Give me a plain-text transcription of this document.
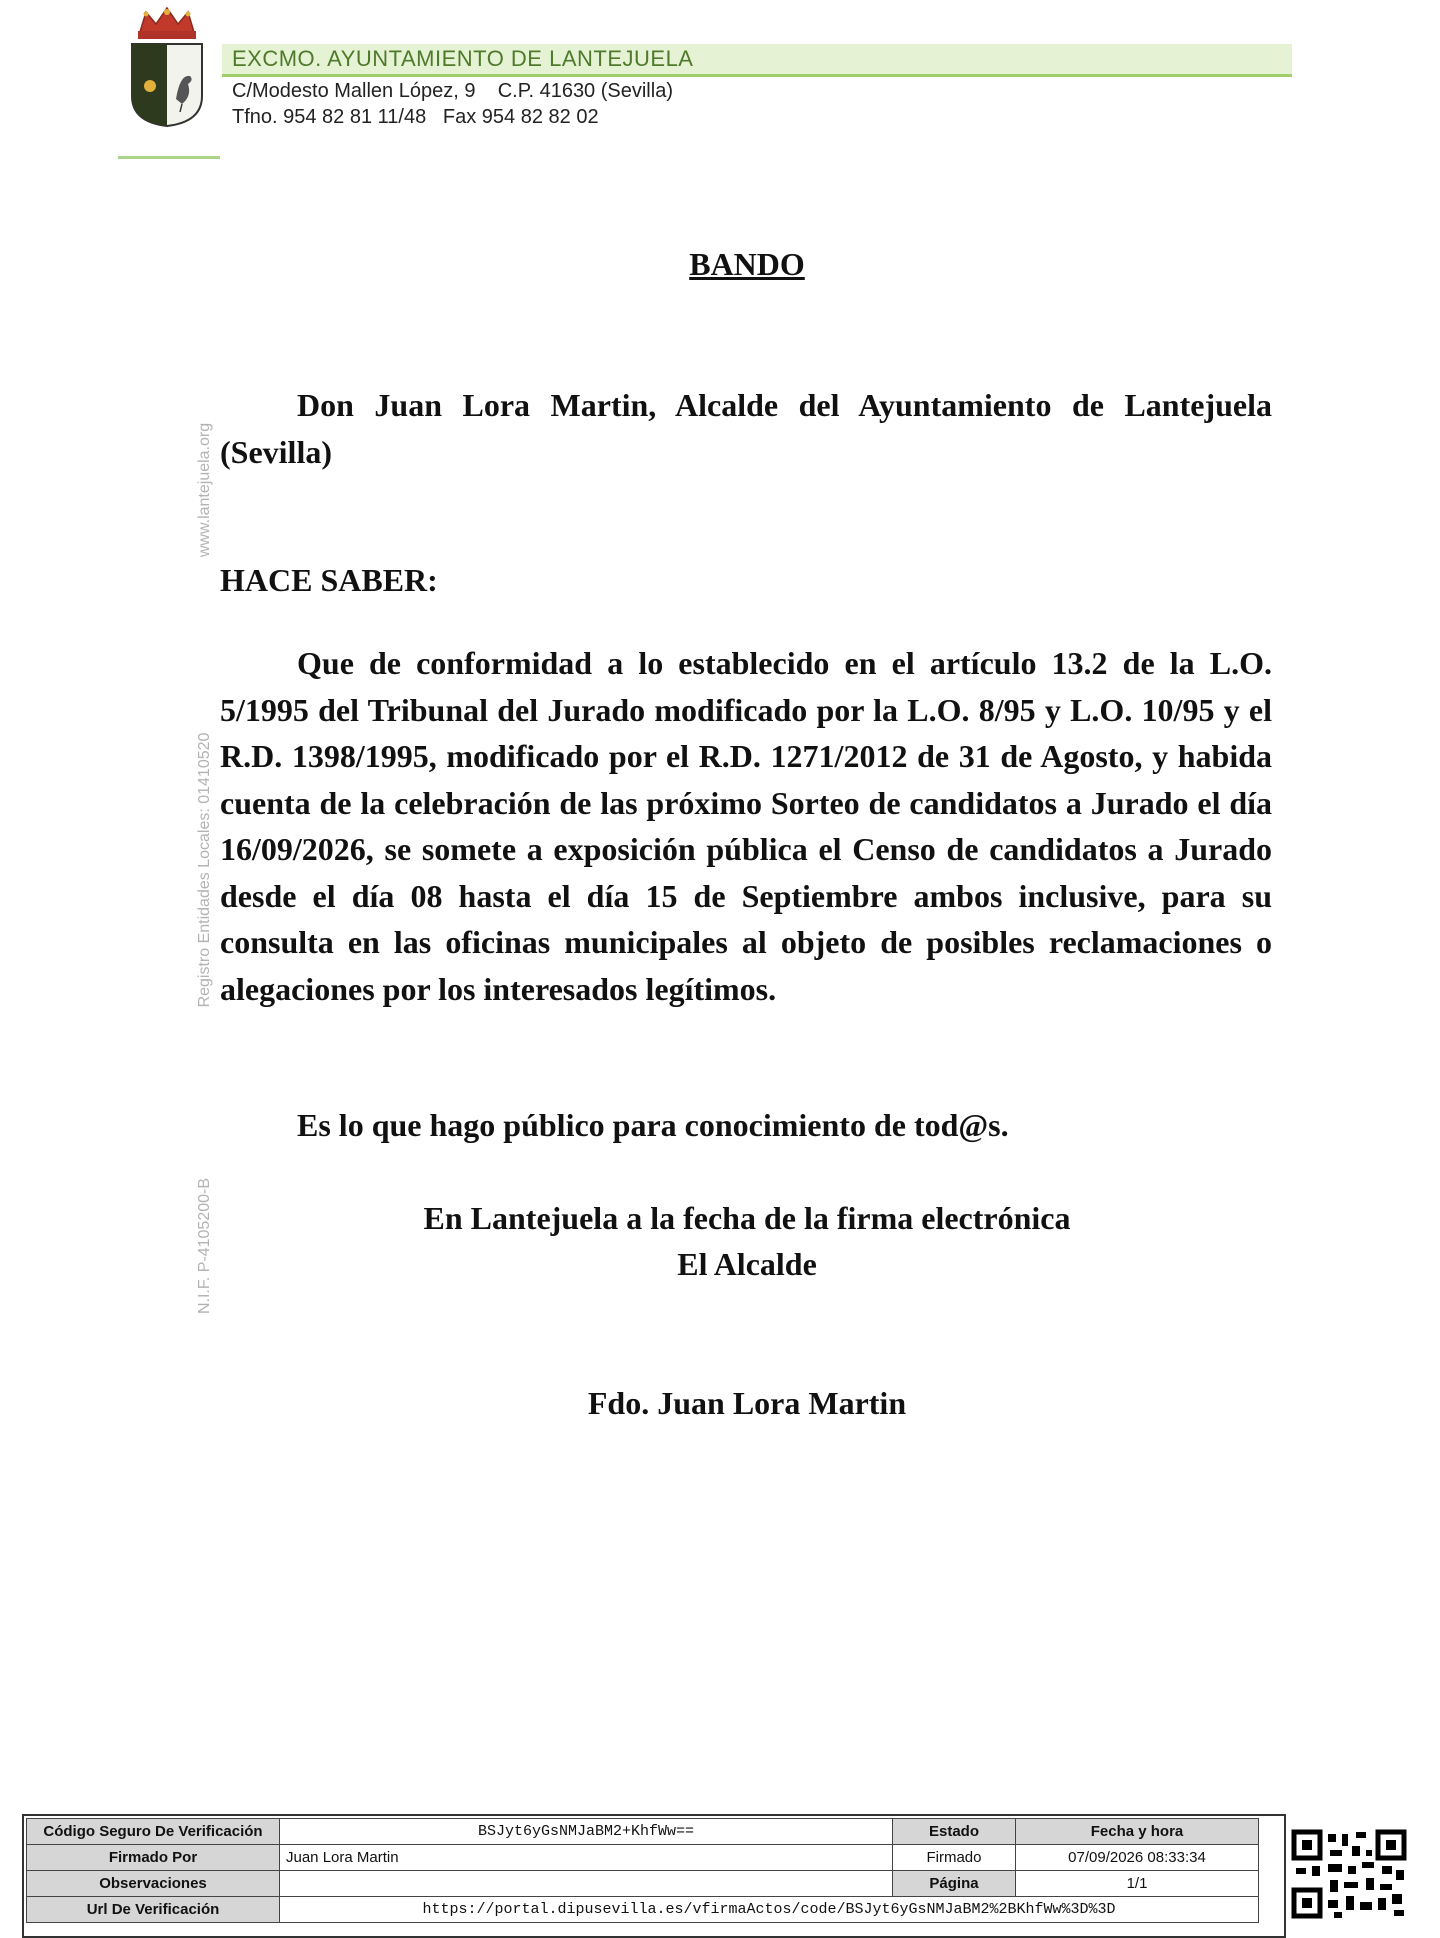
EXCMO. AYUNTAMIENTO DE LANTEJUELA
C/Modesto Mallen López, 9    C.P. 41630 (Sevilla)
Tfno. 954 82 81 11/48   Fax 954 82 82 02
www.lantejuela.org
Registro Entidades Locales: 01410520
N.I.F. P-4105200-B
BANDO
Don Juan Lora Martin, Alcalde del Ayuntamiento de Lantejuela (Sevilla)
HACE SABER:
Que de conformidad a lo establecido en el artículo 13.2 de la L.O. 5/1995 del Tribunal del Jurado modificado por la L.O. 8/95 y L.O. 10/95 y el R.D. 1398/1995, modificado por el R.D. 1271/2012 de 31 de Agosto, y habida cuenta de la celebración de las próximo Sorteo de candidatos a Jurado el día 16/09/2026, se somete a exposición pública el Censo de candidatos a Jurado desde el día 08 hasta el día 15 de Septiembre ambos inclusive, para su consulta en las oficinas municipales al objeto de posibles reclamaciones o alegaciones por los interesados legítimos.
Es lo que hago público para conocimiento de tod@s.
En Lantejuela a la fecha de la firma electrónica
El Alcalde
Fdo. Juan Lora Martin
Código Seguro De Verificación	BSJyt6yGsNMJaBM2+KhfWw==	Estado	Fecha y hora
Firmado Por	Juan Lora Martin	Firmado	07/09/2026 08:33:34
Observaciones		Página	1/1
Url De Verificación	https://portal.dipusevilla.es/vfirmaActos/code/BSJyt6yGsNMJaBM2%2BKhfWw%3D%3D		
